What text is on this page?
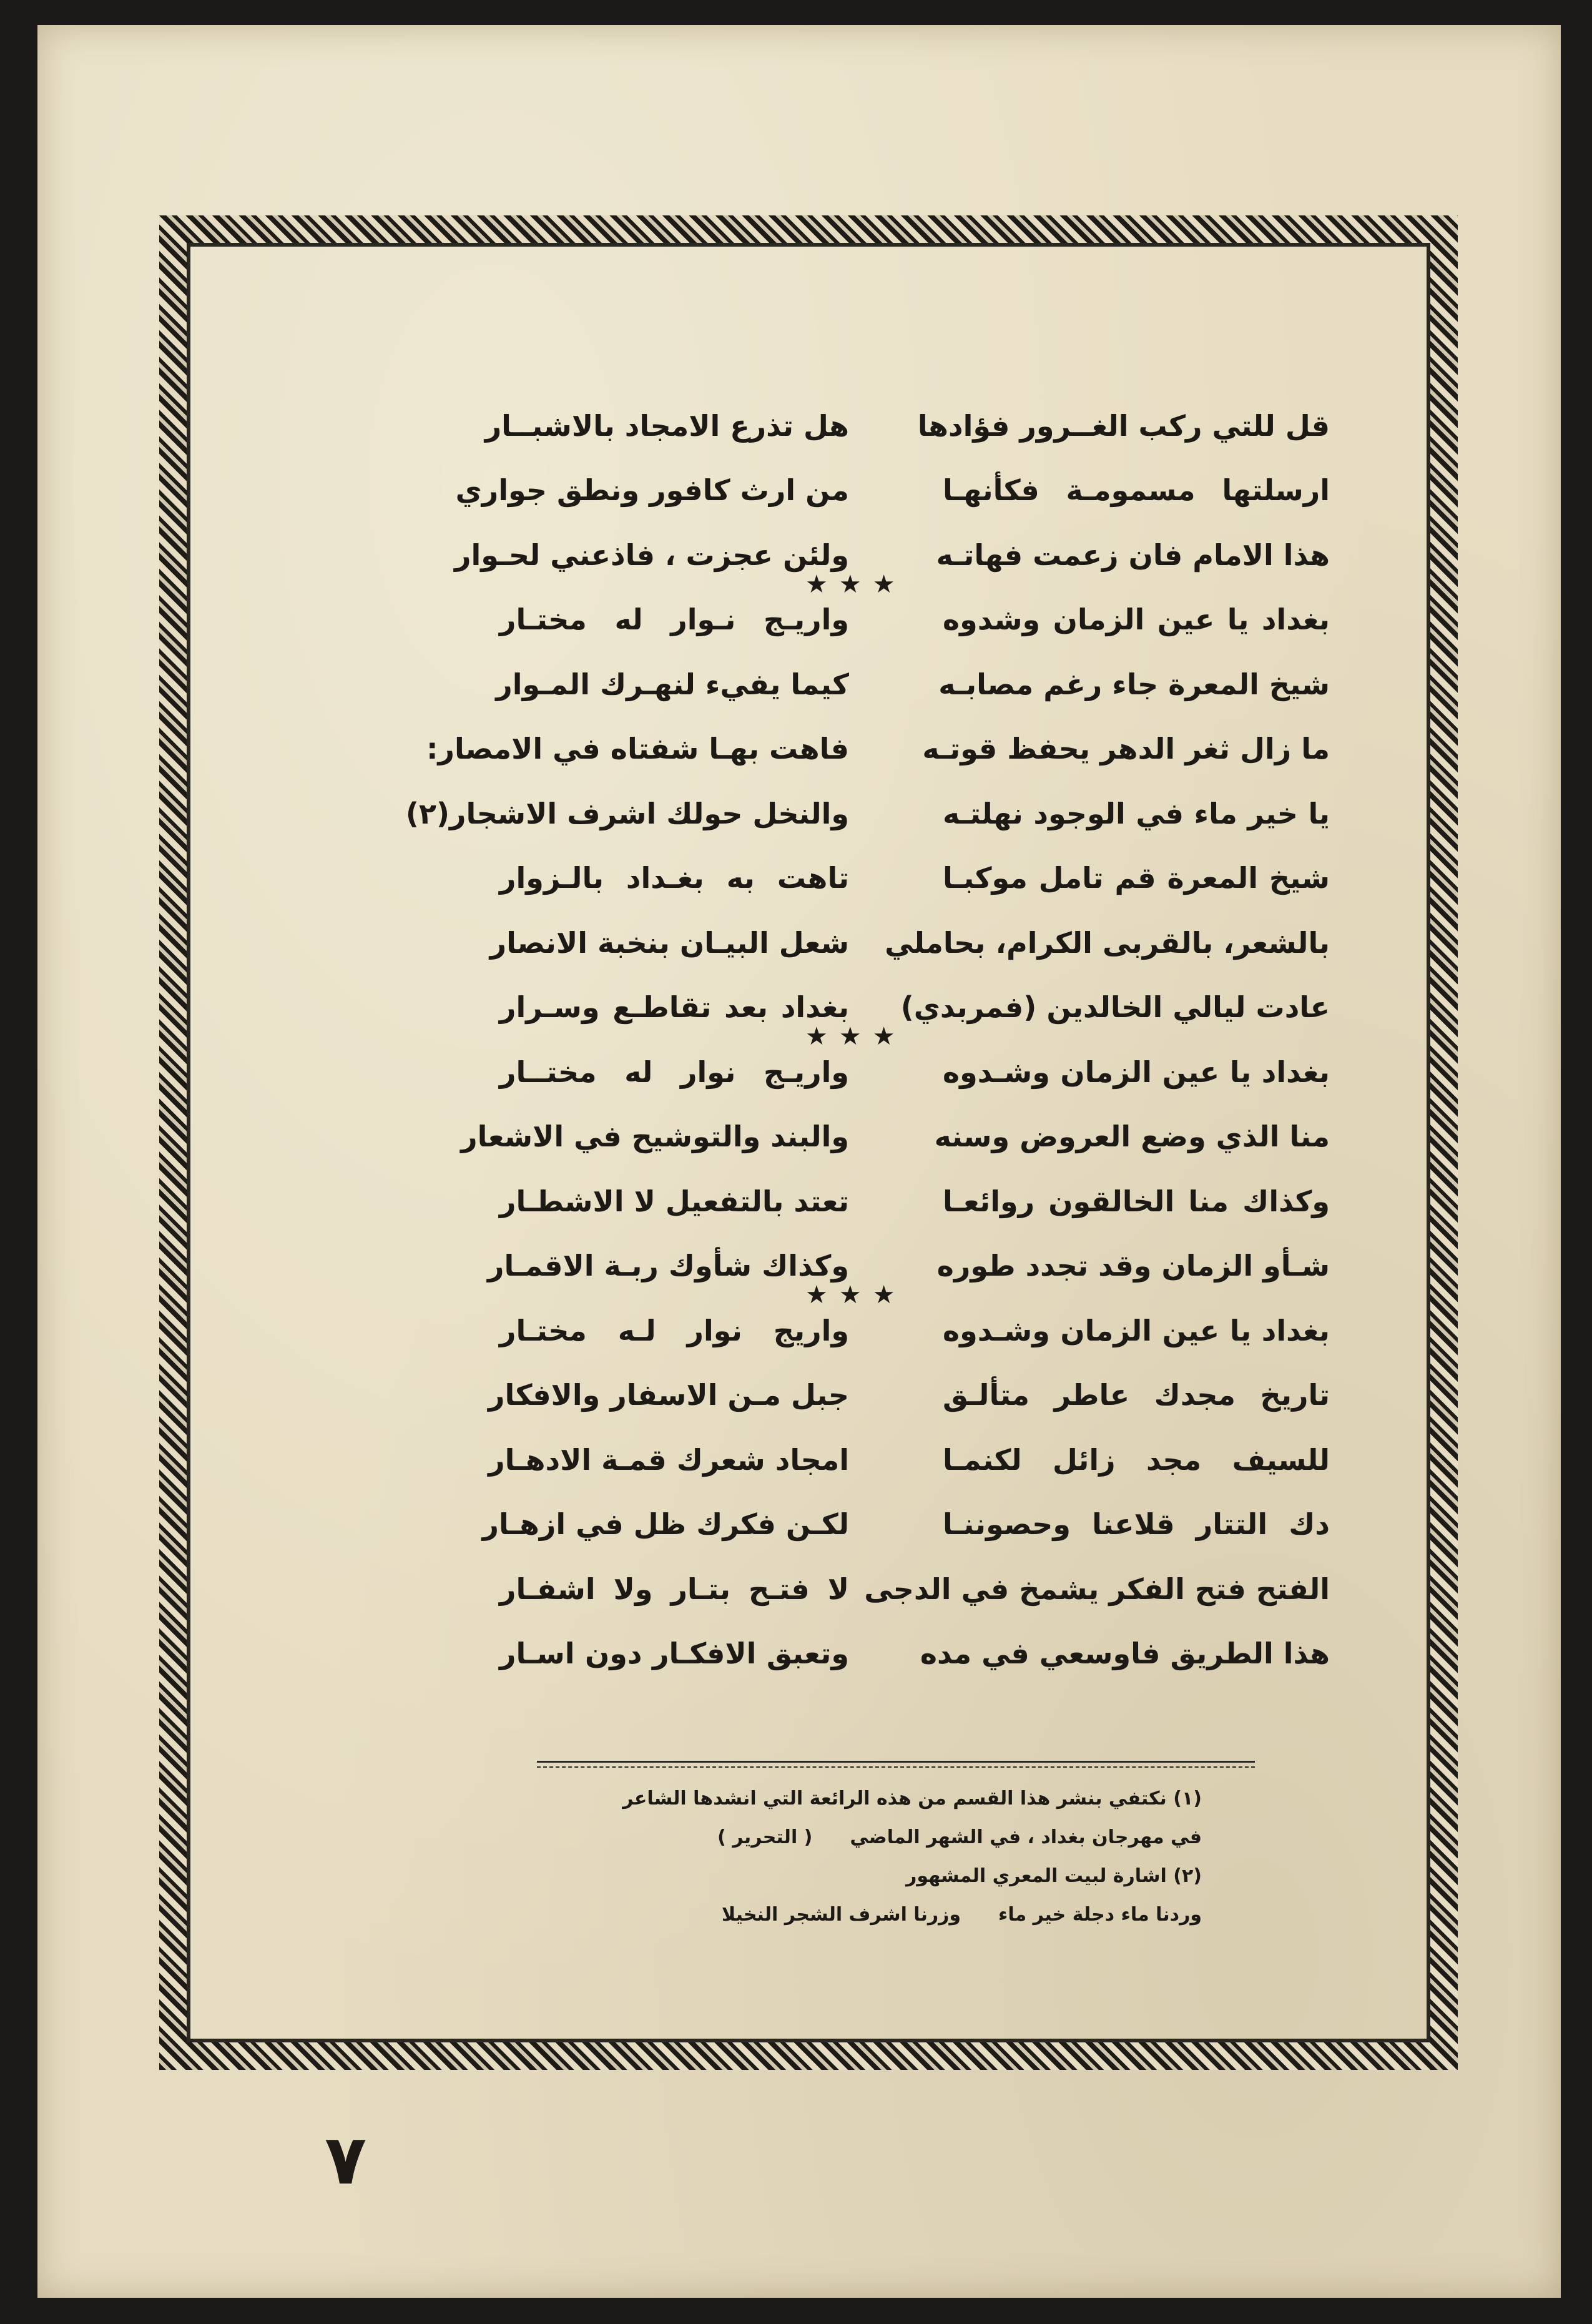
قل للتي ركب الغــرور فؤادها
هل تذرع الامجاد بالاشبــار
ارسلتها مسمومـة فكأنهـا
من ارث كافور ونطق جواري
هذا الامام فان زعمت فهاتـه
ولئن عجزت ، فاذعني لحـوار
بغداد يا عين الزمان وشدوه
واريـج نـوار له مختـار
★★★
شيخ المعرة جاء رغم مصابـه
كيما يفيء لنهـرك المـوار
ما زال ثغر الدهر يحفظ قوتـه
فاهت بهـا شفتاه في الامصار:
يا خير ماء في الوجود نهلتـه
والنخل حولك اشرف الاشجار(٢)
شيخ المعرة قم تامل موكبـا
تاهت به بغـداد بالـزوار
بالشعر، بالقربى الكرام، بحاملي
شعل البيـان بنخبة الانصار
عادت ليالي الخالدين (فمربدي)
بغداد بعد تقاطـع وسـرار
بغداد يا عين الزمان وشـدوه
واريـج نوار له مختــار
★★★
منا الذي وضع العروض وسنه
والبند والتوشيح في الاشعار
وكذاك منا الخالقون روائعـا
تعتد بالتفعيل لا الاشطـار
شـأو الزمان وقد تجدد طوره
وكذاك شأوك ربـة الاقمـار
بغداد يا عين الزمان وشـدوه
واريج نوار لـه مختـار
★★★
تاريخ مجدك عاطر متألـق
جبل مـن الاسفار والافكار
للسيف مجد زائل لكنمـا
امجاد شعرك قمـة الادهـار
دك التتار قلاعنا وحصوننـا
لكـن فكرك ظل في ازهـار
الفتح فتح الفكر يشمخ في الدجى
لا فتـح بتـار ولا اشفـار
هذا الطريق فاوسعي في مده
وتعبق الافكـار دون اسـار
(١) نكتفي بنشر هذا القسم من هذه الرائعة التي انشدها الشاعر
في مهرجان بغداد ، في الشهر الماضي( التحرير )
(٢) اشارة لبيت المعري المشهور
وردنا ماء دجلة خير ماءوزرنا اشرف الشجر النخيلا
٧
